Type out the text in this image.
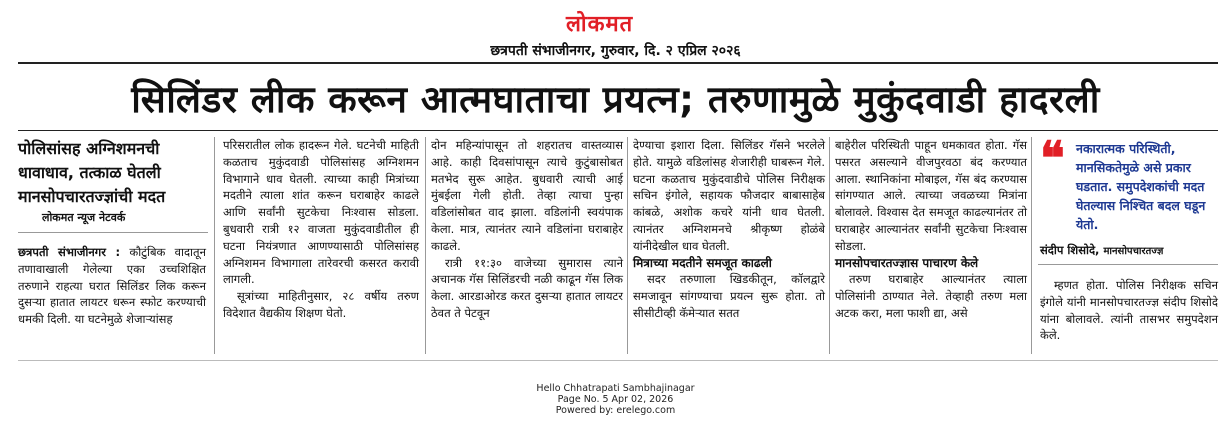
लोकमत
छत्रपती संभाजीनगर, गुरुवार, दि. २ एप्रिल २०२६
सिलिंडर लीक करून आत्मघाताचा प्रयत्न; तरुणामुळे मुकुंदवाडी हादरली
पोलिसांसह अग्निशमनची धावाधाव, तत्काळ घेतली मानसोपचारतज्ज्ञांची मदत
लोकमत न्यूज नेटवर्क

छत्रपती संभाजीनगर : कौटुंबिक वादातून तणावाखाली गेलेल्या एका उच्चशिक्षित तरुणाने राहत्या घरात सिलिंडर लिक करून दुसऱ्या हातात लायटर धरून स्फोट करण्याची धमकी दिली. या घटनेमुळे शेजाऱ्यांसह

परिसरातील लोक हादरून गेले. घटनेची माहिती कळताच मुकुंदवाडी पोलिसांसह अग्निशमन विभागाने धाव घेतली. त्याच्या काही मित्रांच्या मदतीने त्याला शांत करून घराबाहेर काढले आणि सर्वांनी सुटकेचा निःश्वास सोडला. बुधवारी रात्री १२ वाजता मुकुंदवाडीतील ही घटना नियंत्रणात आणण्यासाठी पोलिसांसह अग्निशमन विभागाला तारेवरची कसरत करावी लागली.

सूत्रांच्या माहितीनुसार, २८ वर्षीय तरुण विदेशात वैद्यकीय शिक्षण घेतो.

दोन महिन्यांपासून तो शहरातच वास्तव्यास आहे. काही दिवसांपासून त्याचे कुटुंबासोबत मतभेद सुरू आहेत. बुधवारी त्याची आई मुंबईला गेली होती. तेव्हा त्याचा पुन्हा वडिलांसोबत वाद झाला. वडिलांनी स्वयंपाक केला. मात्र, त्यानंतर त्याने वडिलांना घराबाहेर काढले.

रात्री ११:३० वाजेच्या सुमारास त्याने अचानक गॅस सिलिंडरची नळी काढून गॅस लिक केला. आरडाओरड करत दुसऱ्या हातात लायटर ठेवत ते पेटवून

देण्याचा इशारा दिला. सिलिंडर गॅसने भरलेले होते. यामुळे वडिलांसह शेजारीही घाबरून गेले. घटना कळताच मुकुंदवाडीचे पोलिस निरीक्षक सचिन इंगोले, सहायक फौजदार बाबासाहेब कांबळे, अशोक कचरे यांनी धाव घेतली. त्यानंतर अग्निशमनचे श्रीकृष्ण होळंबे यांनीदेखील धाव घेतली.

मित्राच्या मदतीने समजूत काढली

सदर तरुणाला खिडकीतून, कॉलद्वारे समजावून सांगण्याचा प्रयत्न सुरू होता. तो सीसीटीव्ही कॅमेऱ्यात सतत

बाहेरील परिस्थिती पाहून धमकावत होता. गॅस पसरत असल्याने वीजपुरवठा बंद करण्यात आला. स्थानिकांना मोबाइल, गॅस बंद करण्यास सांगण्यात आले. त्याच्या जवळच्या मित्रांना बोलावले. विश्वास देत समजूत काढल्यानंतर तो घराबाहेर आल्यानंतर सर्वांनी सुटकेचा निःश्वास सोडला.

मानसोपचारतज्ज्ञास पाचारण केले

तरुण घराबाहेर आल्यानंतर त्याला पोलिसांनी ठाण्यात नेले. तेव्हाही तरुण मला अटक करा, मला फाशी द्या, असे

❝ नकारात्मक परिस्थिती, मानसिकतेमुळे असे प्रकार घडतात. समुपदेशकांची मदत घेतल्यास निश्चित बदल घडून येतो.
संदीप शिसोदे, मानसोपचारतज्ज्ञ

म्हणत होता. पोलिस निरीक्षक सचिन इंगोले यांनी मानसोपचारतज्ज्ञ संदीप शिसोदे यांना बोलावले. त्यांनी तासभर समुपदेशन केले.

Hello Chhatrapati Sambhajinagar
Page No. 5 Apr 02, 2026
Powered by: erelego.com
